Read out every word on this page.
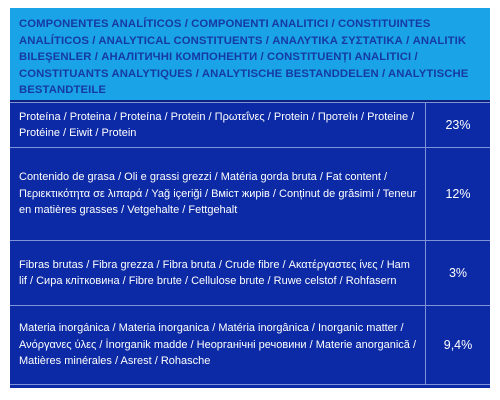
COMPONENTES ANALÍTICOS / COMPONENTI ANALITICI / CONSTITUINTES ANALÍTICOS / ANALYTICAL CONSTITUENTS / ΑΝΑΛΥΤΙΚΑ ΣΥΣΤΑΤΙΚΑ / ANALITIK BILEŞENLER / АНАЛІТИЧНІ КОМПОНЕНТИ / CONSTITUENȚI ANALITICI / CONSTITUANTS ANALYTIQUES / ANALYTISCHE BESTANDDELEN / ANALYTISCHE BESTANDTEILE
Proteína / Proteina / Proteína / Protein / Πρωτεΐνες / Protein / Протеїн / Proteine / Protéine / Eiwit / Protein	23%
Contenido de grasa / Oli e grassi grezzi / Matéria gorda bruta / Fat content / Περιεκτικότητα σε λιπαρά / Yağ içeriği / Вміст жирів / Conținut de grăsimi / Teneur en matières grasses / Vetgehalte / Fettgehalt	12%
Fibras brutas / Fibra grezza / Fibra bruta / Crude fibre / Ακατέργαστες ίνες / Ham lif / Сира клітковина / Fibre brute / Cellulose brute / Ruwe celstof / Rohfasern	3%
Materia inorgánica / Materia inorganica / Matéria inorgânica / Inorganic matter / Ανόργανες ύλες / İnorganik madde / Неорганічні речовини / Materie anorganică / Matières minérales / Asrest / Rohasche	9,4%
